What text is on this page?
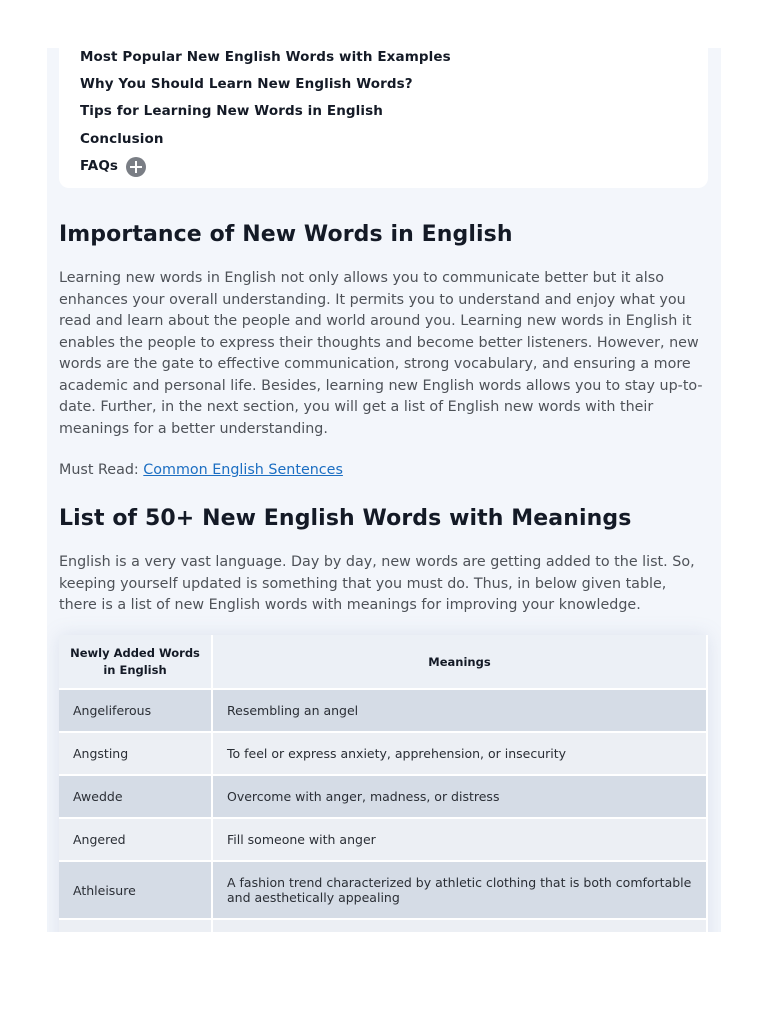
Most Popular New English Words with Examples
Why You Should Learn New English Words?
Tips for Learning New Words in English
Conclusion
FAQs
Importance of New Words in English

Learning new words in English not only allows you to communicate better but it also enhances your overall understanding. It permits you to understand and enjoy what you read and learn about the people and world around you. Learning new words in English it enables the people to express their thoughts and become better listeners. However, new words are the gate to effective communication, strong vocabulary, and ensuring a more academic and personal life. Besides, learning new English words allows you to stay up-to-date. Further, in the next section, you will get a list of English new words with their meanings for a better understanding.

Must Read: Common English Sentences
List of 50+ New English Words with Meanings

English is a very vast language. Day by day, new words are getting added to the list. So, keeping yourself updated is something that you must do. Thus, in below given table, there is a list of new English words with meanings for improving your knowledge.

Newly Added Words in English	Meanings
Angeliferous	Resembling an angel
Angsting	To feel or express anxiety, apprehension, or insecurity
Awedde	Overcome with anger, madness, or distress
Angered	Fill someone with anger
Athleisure	A fashion trend characterized by athletic clothing that is both comfortable and aesthetically appealing
